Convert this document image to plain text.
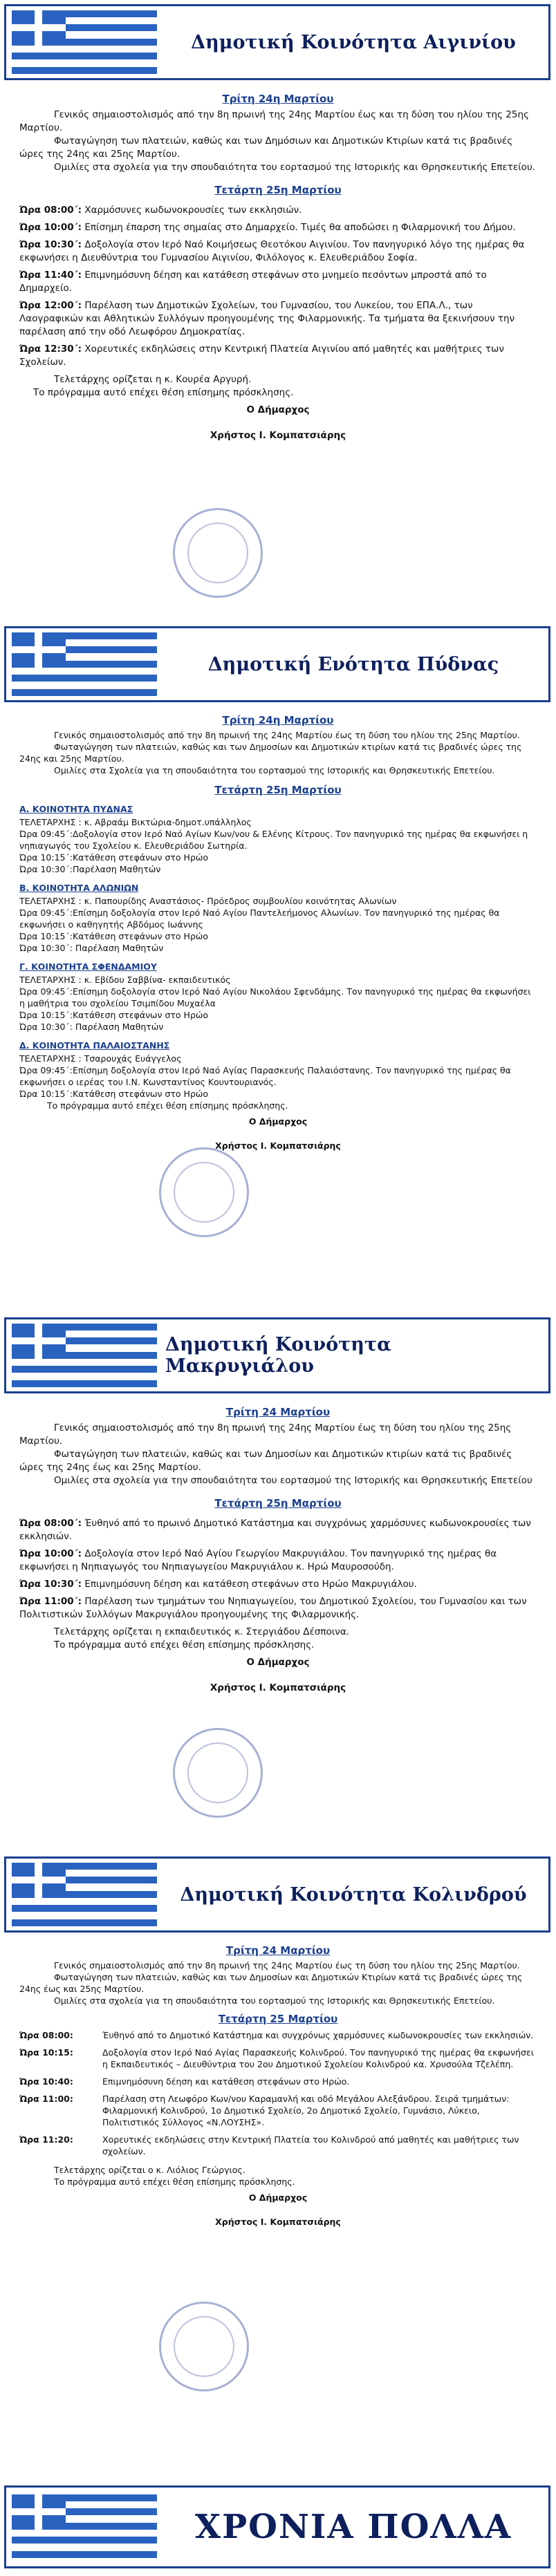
Δημοτική Κοινότητα Αιγινίου
Τρίτη 24η Μαρτίου

Γενικός σημαιοστολισμός από την 8η πρωινή της 24ης Μαρτίου έως και τη δύση του ηλίου της 25ης Μαρτίου.

Φωταγώγηση των πλατειών, καθώς και των Δημόσιων και Δημοτικών Κτιρίων κατά τις βραδινές ώρες της 24ης και 25ης Μαρτίου.

Ομιλίες στα σχολεία για την σπουδαιότητα του εορτασμού της Ιστορικής και Θρησκευτικής Επετείου.

Τετάρτη 25η Μαρτίου

Ώρα 08:00΄: Χαρμόσυνες κωδωνοκρουσίες των εκκλησιών.

Ώρα 10:00΄: Επίσημη έπαρση της σημαίας στο Δημαρχείο. Τιμές θα αποδώσει η Φιλαρμονική του Δήμου.

Ώρα 10:30΄: Δοξολογία στον Ιερό Ναό Κοιμήσεως Θεοτόκου Αιγινίου. Τον πανηγυρικό λόγο της ημέρας θα εκφωνήσει η Διευθύντρια του Γυμνασίου Αιγινίου, Φιλόλογος κ. Ελευθεριάδου Σοφία.

Ώρα 11:40΄: Επιμνημόσυνη δέηση και κατάθεση στεφάνων στο μνημείο πεσόντων μπροστά από το Δημαρχείο.

Ώρα 12:00΄: Παρέλαση των Δημοτικών Σχολείων, του Γυμνασίου, του Λυκείου, του ΕΠΑ.Λ., των Λαογραφικών και Αθλητικών Συλλόγων προηγουμένης της Φιλαρμονικής. Τα τμήματα θα ξεκινήσουν την παρέλαση από την οδό Λεωφόρου Δημοκρατίας.

Ώρα 12:30΄: Χορευτικές εκδηλώσεις στην Κεντρική Πλατεία Αιγινίου από μαθητές και μαθήτριες των Σχολείων.

Τελετάρχης ορίζεται η κ. Κουρέα Αργυρή.

Το πρόγραμμα αυτό επέχει θέση επίσημης πρόσκλησης.

Ο Δήμαρχος
Χρήστος Ι. Κομπατσιάρης
Δημοτική Ενότητα Πύδνας
Τρίτη 24η Μαρτίου

Γενικός σημαιοστολισμός από την 8η πρωινή της 24ης Μαρτίου έως τη δύση του ηλίου της 25ης Μαρτίου.

Φωταγώγηση των πλατειών, καθώς και των Δημοσίων και Δημοτικών κτιρίων κατά τις βραδινές ώρες της 24ης και 25ης Μαρτίου.

Ομιλίες στα Σχολεία για τη σπουδαιότητα του εορτασμού της Ιστορικής και Θρησκευτικής Επετείου.

Τετάρτη 25η Μαρτίου
Α. ΚΟΙΝΟΤΗΤΑ ΠΥΔΝΑΣ
ΤΕΛΕΤΑΡΧΗΣ : κ. Αβραάμ Βικτώρια-δημοτ.υπάλληλος
Ώρα 09:45΄:Δοξολογία στον Ιερό Ναό Αγίων Κων/νου & Ελένης Κίτρους. Τον πανηγυρικό της ημέρας θα εκφωνήσει η νηπιαγωγός του Σχολείου κ. Ελευθεριάδου Σωτηρία.
Ώρα 10:15΄:Κατάθεση στεφάνων στο Ηρώο
Ώρα 10:30΄:Παρέλαση Μαθητών
Β. ΚΟΙΝΟΤΗΤΑ ΑΛΩΝΙΩΝ
ΤΕΛΕΤΑΡΧΗΣ : κ. Παπουρίδης Αναστάσιος- Πρόεδρος συμβουλίου κοινότητας Αλωνίων
Ώρα 09:45΄:Επίσημη δοξολογία στον Ιερό Ναό Αγίου Παντελεήμονος Αλωνίων. Τον πανηγυρικό της ημέρας θα εκφωνήσει ο καθηγητής Αβδόμος Ιωάννης
Ώρα 10:15΄:Κατάθεση στεφάνων στο Ηρώο
Ώρα 10:30΄: Παρέλαση Μαθητών
Γ. ΚΟΙΝΟΤΗΤΑ ΣΦΕΝΔΑΜΙΟΥ
ΤΕΛΕΤΑΡΧΗΣ : κ. Εβίδου Σαββίνα- εκπαιδευτικός
Ώρα 09:45΄:Επίσημη δοξολογία στον Ιερό Ναό Αγίου Νικολάου Σφενδάμης. Τον πανηγυρικό της ημέρας θα εκφωνήσει η μαθήτρια του σχολείου Τσιμπίδου Μυχαέλα
Ώρα 10:15΄:Κατάθεση στεφάνων στο Ηρώο
Ώρα 10:30΄: Παρέλαση Μαθητών
Δ. ΚΟΙΝΟΤΗΤΑ ΠΑΛΑΙΟΣΤΑΝΗΣ
ΤΕΛΕΤΑΡΧΗΣ : Τσαρουχάς Ευάγγελος
Ώρα 09:45΄:Επίσημη δοξολογία στον Ιερό Ναό Αγίας Παρασκευής Παλαιόστανης. Τον πανηγυρικό της ημέρας θα εκφωνήσει ο ιερέας του Ι.Ν. Κωνσταντίνος Κουντουριανός.
Ώρα 10:15΄:Κατάθεση στεφάνων στο Ηρώο
Το πρόγραμμα αυτό επέχει θέση επίσημης πρόσκλησης.
Ο Δήμαρχος
Χρήστος Ι. Κομπατσιάρης
Δημοτική Κοινότητα Μακρυγιάλου
Τρίτη 24 Μαρτίου

Γενικός σημαιοστολισμός από την 8η πρωινή της 24ης Μαρτίου έως τη δύση του ηλίου της 25ης Μαρτίου.

Φωταγώγηση των πλατειών, καθώς και των Δημοσίων και Δημοτικών κτιρίων κατά τις βραδινές ώρες της 24ης έως και 25ης Μαρτίου.

Ομιλίες στα σχολεία για την σπουδαιότητα του εορτασμού της Ιστορικής και Θρησκευτικής Επετείου

Τετάρτη 25η Μαρτίου

Ώρα 08:00΄: Έυθηνό από το πρωινό Δημοτικό Κατάστημα και συγχρόνως χαρμόσυνες κωδωνοκρουσίες των εκκλησιών.

Ώρα 10:00΄: Δοξολογία στον Ιερό Ναό Αγίου Γεωργίου Μακρυγιάλου. Τον πανηγυρικό της ημέρας θα εκφωνήσει η Νηπιαγωγός του Νηπιαγωγείου Μακρυγιάλου κ. Ηρώ Μαυροσούδη.

Ώρα 10:30΄: Επιμνημόσυνη δέηση και κατάθεση στεφάνων στο Ηρώο Μακρυγιάλου.

Ώρα 11:00΄: Παρέλαση των τμημάτων του Νηπιαγωγείου, του Δημοτικού Σχολείου, του Γυμνασίου και των Πολιτιστικών Συλλόγων Μακρυγιάλου προηγουμένης της Φιλαρμονικής.

Τελετάρχης ορίζεται η εκπαιδευτικός κ. Στεργιάδου Δέσποινα.

Το πρόγραμμα αυτό επέχει θέση επίσημης πρόσκλησης.

Ο Δήμαρχος
Χρήστος Ι. Κομπατσιάρης
Δημοτική Κοινότητα Κολινδρού
Τρίτη 24 Μαρτίου

Γενικός σημαιοστολισμός από την 8η πρωινή της 24ης Μαρτίου έως τη δύση του ηλίου της 25ης Μαρτίου.

Φωταγώγηση των πλατειών, καθώς και των Δημοσίων και Δημοτικών Κτιρίων κατά τις βραδινές ώρες της 24ης έως και 25ης Μαρτίου.

Ομιλίες στα σχολεία για τη σπουδαιότητα του εορτασμού της Ιστορικής και Θρησκευτικής Επετείου.

Τετάρτη 25 Μαρτίου
Ώρα 08:00:	Έυθηνό από το Δημοτικό Κατάστημα και συγχρόνως χαρμόσυνες κωδωνοκρουσίες των εκκλησιών.
Ώρα 10:15:	Δοξολογία στον Ιερό Ναό Αγίας Παρασκευής Κολινδρού. Τον πανηγυρικό της ημέρας θα εκφωνήσει η Εκπαιδευτικός – Διευθύντρια του 2ου Δημοτικού Σχολείου Κολινδρού κα. Χρυσούλα Τζελέπη.
Ώρα 10:40:	Επιμνημόσυνη δέηση και κατάθεση στεφάνων στο Ηρώο.
Ώρα 11:00:	Παρέλαση στη Λεωφόρο Κων/νου Καραμανλή και οδό Μεγάλου Αλεξάνδρου. Σειρά τμημάτων: Φιλαρμονική Κολινδρού, 1ο Δημοτικό Σχολείο, 2ο Δημοτικό Σχολείο, Γυμνάσιο, Λύκειο, Πολιτιστικός Σύλλογος «Ν.ΛΟΥΣΗΣ».
Ώρα 11:20:	Χορευτικές εκδηλώσεις στην Κεντρική Πλατεία του Κολινδρού από μαθητές και μαθήτριες των σχολείων.

Τελετάρχης ορίζεται ο κ. Λιόλιος Γεώργιος.

Το πρόγραμμα αυτό επέχει θέση επίσημης πρόσκλησης.

Ο Δήμαρχος
Χρήστος Ι. Κομπατσιάρης
ΧΡΟΝΙΑ ΠΟΛΛΑ
